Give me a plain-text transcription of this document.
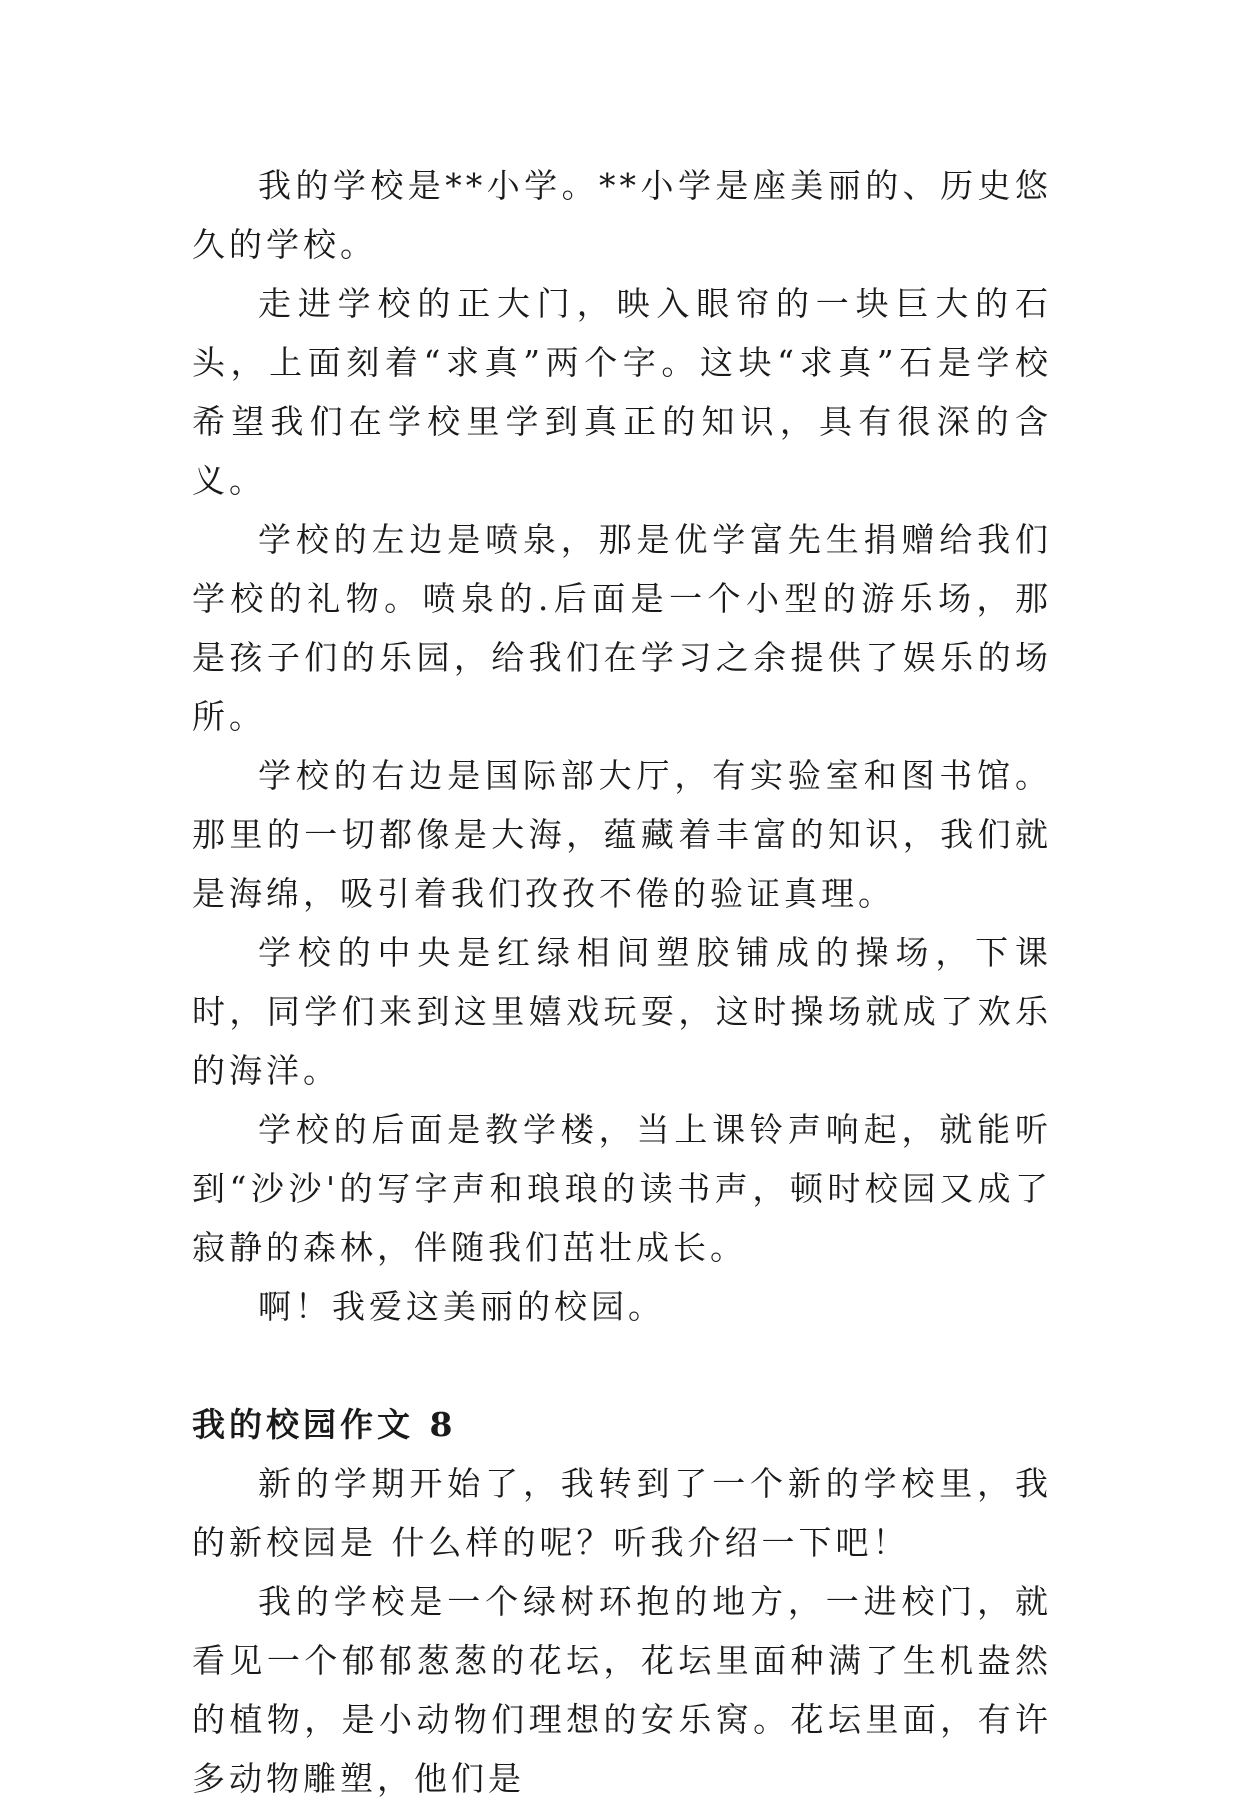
我的学校是**小学。**小学是座美丽的、历史悠久的学校。

走进学校的正大门，映入眼帘的一块巨大的石头，上面刻着“求真”两个字。这块“求真”石是学校希望我们在学校里学到真正的知识，具有很深的含义。

学校的左边是喷泉，那是优学富先生捐赠给我们学校的礼物。喷泉的.后面是一个小型的游乐场，那是孩子们的乐园，给我们在学习之余提供了娱乐的场所。

学校的右边是国际部大厅，有实验室和图书馆。那里的一切都像是大海，蕴藏着丰富的知识，我们就是海绵，吸引着我们孜孜不倦的验证真理。

学校的中央是红绿相间塑胶铺成的操场，下课时，同学们来到这里嬉戏玩耍，这时操场就成了欢乐的海洋。

学校的后面是教学楼，当上课铃声响起，就能听到“沙沙'的写字声和琅琅的读书声，顿时校园又成了寂静的森林，伴随我们茁壮成长。

啊！我爱这美丽的校园。

我的校园作文 8

新的学期开始了，我转到了一个新的学校里，我的新校园是 什么样的呢？听我介绍一下吧！

我的学校是一个绿树环抱的地方，一进校门，就看见一个郁郁葱葱的花坛，花坛里面种满了生机盎然的植物，是小动物们理想的安乐窝。花坛里面，有许多动物雕塑，他们是
